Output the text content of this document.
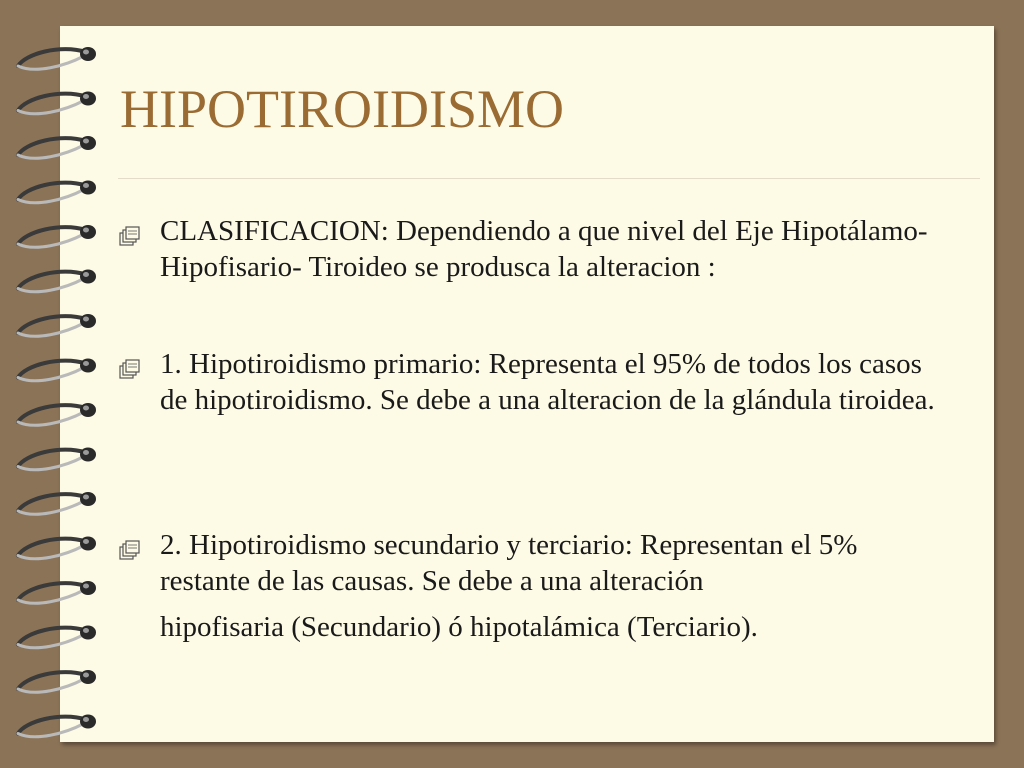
HIPOTIROIDISMO
CLASIFICACION: Dependiendo a que nivel del Eje Hipotálamo- Hipofisario- Tiroideo se produsca la alteracion :
1. Hipotiroidismo primario: Representa el 95% de todos los casos de hipotiroidismo. Se debe a una alteracion de la glándula tiroidea.
2. Hipotiroidismo secundario y terciario: Representan el 5% restante de las causas. Se debe a una alteración
hipofisaria (Secundario) ó hipotalámica (Terciario).
